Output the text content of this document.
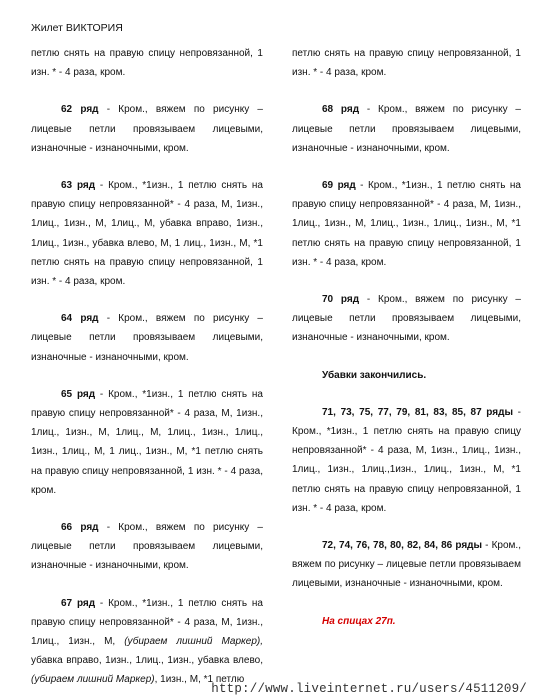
Жилет ВИКТОРИЯ

петлю снять на правую спицу непровязанной, 1 изн. * - 4 раза, кром.

62 ряд - Кром., вяжем по рисунку – лицевые петли провязываем лицевыми, изнаночные - изнаночными, кром.

63 ряд - Кром., *1изн., 1 петлю снять на правую спицу непровязанной* - 4 раза, М, 1изн., 1лиц., 1изн., М, 1лиц., М, убавка вправо, 1изн., 1лиц., 1изн., убавка влево, М, 1 лиц., 1изн., М, *1 петлю снять на правую спицу непровязанной, 1 изн. * - 4 раза, кром.

64 ряд - Кром., вяжем по рисунку – лицевые петли провязываем лицевыми, изнаночные - изнаночными, кром.

65 ряд - Кром., *1изн., 1 петлю снять на правую спицу непровязанной* - 4 раза, М, 1изн., 1лиц., 1изн., М, 1лиц., М, 1лиц., 1изн., 1лиц., 1изн., 1лиц., М, 1 лиц., 1изн., М, *1 петлю снять на правую спицу непровязанной, 1 изн. * - 4 раза, кром.

66 ряд - Кром., вяжем по рисунку – лицевые петли провязываем лицевыми, изнаночные - изнаночными, кром.

67 ряд - Кром., *1изн., 1 петлю снять на правую спицу непровязанной* - 4 раза, М, 1изн., 1лиц., 1изн., М, (убираем лишний Маркер), убавка вправо, 1изн., 1лиц., 1изн., убавка влево, (убираем лишний Маркер), 1изн., М, *1 петлю

петлю снять на правую спицу непровязанной, 1 изн. * - 4 раза, кром.

68 ряд - Кром., вяжем по рисунку – лицевые петли провязываем лицевыми, изнаночные - изнаночными, кром.

69 ряд - Кром., *1изн., 1 петлю снять на правую спицу непровязанной* - 4 раза, М, 1изн., 1лиц., 1изн., М, 1лиц., 1изн., 1лиц., 1изн., М, *1 петлю снять на правую спицу непровязанной, 1 изн. * - 4 раза, кром.

70 ряд - Кром., вяжем по рисунку – лицевые петли провязываем лицевыми, изнаночные - изнаночными, кром.

Убавки закончились.

71, 73, 75, 77, 79, 81, 83, 85, 87 ряды - Кром., *1изн., 1 петлю снять на правую спицу непровязанной* - 4 раза, М, 1изн., 1лиц., 1изн., 1лиц., 1изн., 1лиц.,1изн., 1лиц., 1изн., М, *1 петлю снять на правую спицу непровязанной, 1 изн. * - 4 раза, кром.

72, 74, 76, 78, 80, 82, 84, 86 ряды - Кром., вяжем по рисунку – лицевые петли провязываем лицевыми, изнаночные - изнаночными, кром.

На спицах 27п.

http://www.liveinternet.ru/users/4511209/
